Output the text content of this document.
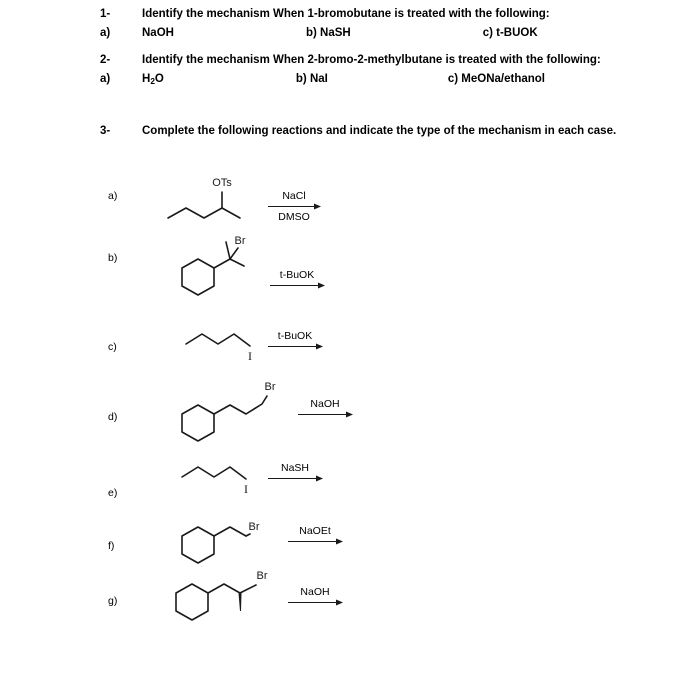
1-	Identify the mechanism When 1-bromobutane is treated with the following:
a)	NaOH	b) NaSH	c) t-BUOK
2-	Identify the mechanism When 2-bromo-2-methylbutane is treated with the following:
a)	$H_2O$	b) NaI	c) MeONa/ethanol
3-	Complete the following reactions and indicate the type of the mechanism in each case.
a)
OTs
NaCl
DMSO
b)
Br
t-BuOK
c)
I
t-BuOK
d)
Br
NaOH
e)	I
NaSH
f)
Br	NaOEt
g)
Br
NaOH
